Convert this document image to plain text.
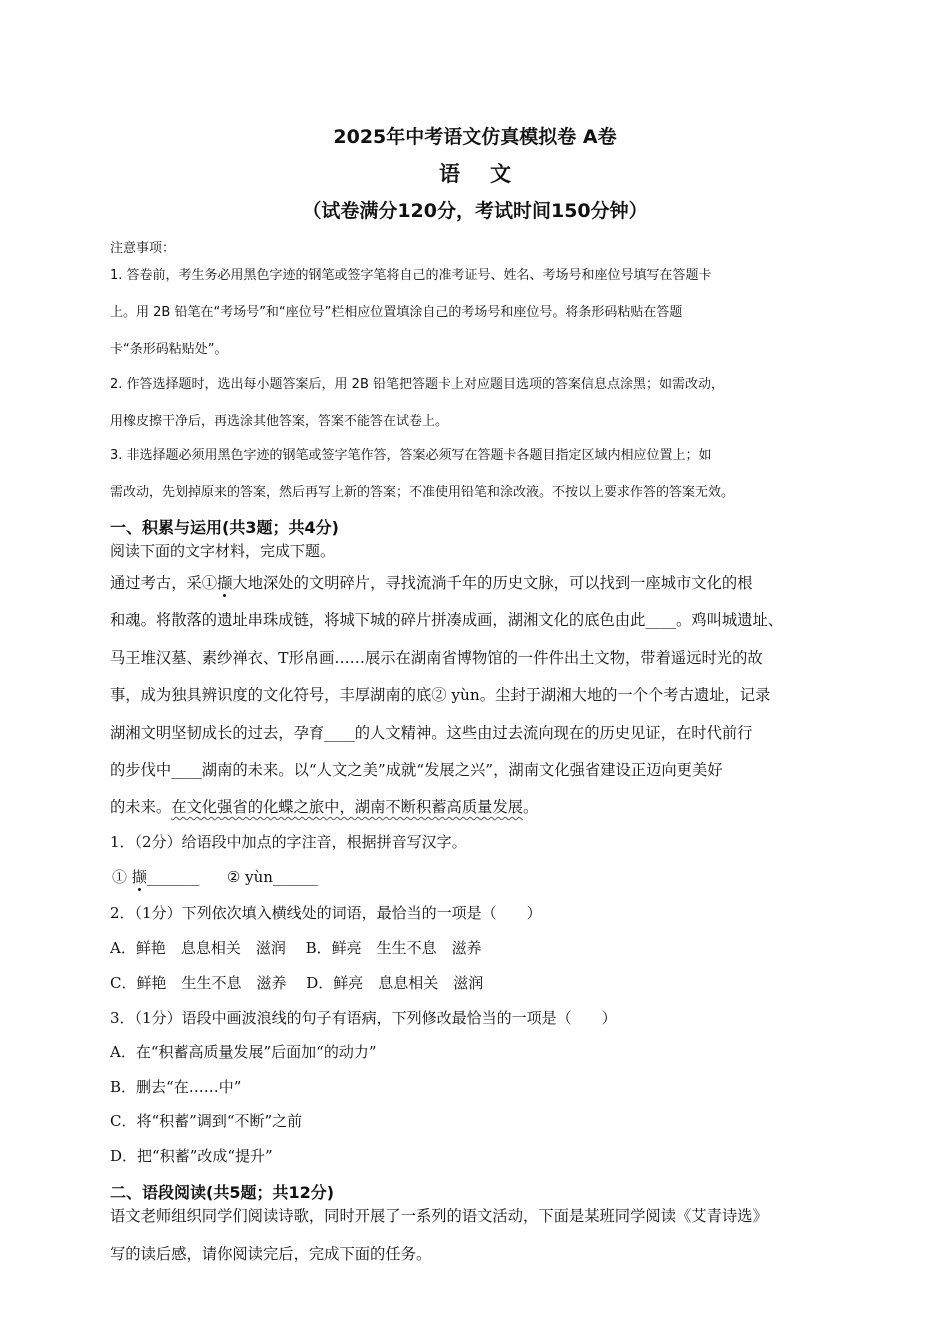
2025年中考语文仿真模拟卷 A卷
语文
（试卷满分120分，考试时间150分钟）
注意事项：
1. 答卷前，考生务必用黑色字迹的钢笔或签字笔将自己的准考证号、姓名、考场号和座位号填写在答题卡
上。用 2B 铅笔在“考场号”和“座位号”栏相应位置填涂自己的考场号和座位号。将条形码粘贴在答题
卡“条形码粘贴处”。
2. 作答选择题时，选出每小题答案后，用 2B 铅笔把答题卡上对应题目选项的答案信息点涂黑；如需改动，
用橡皮擦干净后，再选涂其他答案，答案不能答在试卷上。
3. 非选择题必须用黑色字迹的钢笔或签字笔作答，答案必须写在答题卡各题目指定区域内相应位置上；如
需改动，先划掉原来的答案，然后再写上新的答案；不准使用铅笔和涂改液。不按以上要求作答的答案无效。
一、积累与运用(共3题；共4分)
阅读下面的文字材料，完成下题。
通过考古，采①撷大地深处的文明碎片，寻找流淌千年的历史文脉，可以找到一座城市文化的根
和魂。将散落的遗址串珠成链，将城下城的碎片拼凑成画，湖湘文化的底色由此____。鸡叫城遗址、
马王堆汉墓、素纱禅衣、T形帛画……展示在湖南省博物馆的一件件出土文物，带着遥远时光的故
事，成为独具辨识度的文化符号，丰厚湖南的底② yùn。尘封于湖湘大地的一个个考古遗址，记录
湖湘文明坚韧成长的过去，孕育____的人文精神。这些由过去流向现在的历史见证，在时代前行
的步伐中____湖南的未来。以“人文之美”成就“发展之兴”，湖南文化强省建设正迈向更美好
的未来。在文化强省的化蝶之旅中，湖南不断积蓄高质量发展。
1．（2分）给语段中加点的字注音，根据拼音写汉字。
① 撷_______ ② yùn______
2．（1分）下列依次填入横线处的词语，最恰当的一项是（　　）
A．鲜艳　息息相关　滋润　 B．鲜亮　生生不息　滋养
C．鲜艳　生生不息　滋养　 D．鲜亮　息息相关　滋润
3．（1分）语段中画波浪线的句子有语病，下列修改最恰当的一项是（　　）
A．在“积蓄高质量发展”后面加“的动力”
B．删去“在……中”
C．将“积蓄”调到“不断”之前
D．把“积蓄”改成“提升”
二、语段阅读(共5题；共12分)
语文老师组织同学们阅读诗歌，同时开展了一系列的语文活动，下面是某班同学阅读《艾青诗选》
写的读后感，请你阅读完后，完成下面的任务。
